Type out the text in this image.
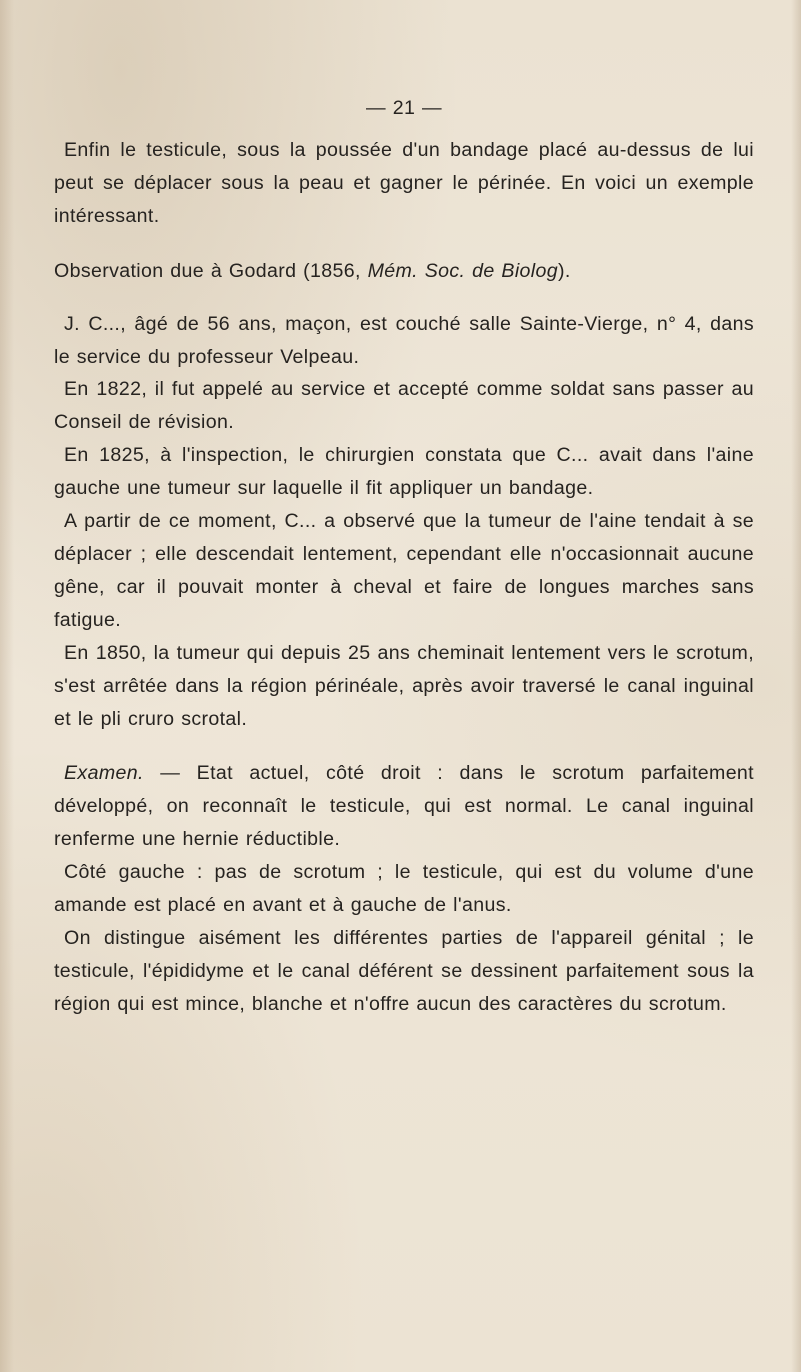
— 21 —

Enfin le testicule, sous la poussée d'un bandage placé au-dessus de lui peut se déplacer sous la peau et gagner le périnée. En voici un exemple intéressant.

Observation due à Godard (1856, Mém. Soc. de Biolog).

J. C..., âgé de 56 ans, maçon, est couché salle Sainte-Vierge, n° 4, dans le service du professeur Velpeau.

En 1822, il fut appelé au service et accepté comme soldat sans passer au Conseil de révision.

En 1825, à l'inspection, le chirurgien constata que C... avait dans l'aine gauche une tumeur sur laquelle il fit appliquer un bandage.

A partir de ce moment, C... a observé que la tumeur de l'aine tendait à se déplacer ; elle descendait lentement, cependant elle n'occasionnait aucune gêne, car il pouvait monter à cheval et faire de longues marches sans fatigue.

En 1850, la tumeur qui depuis 25 ans cheminait lentement vers le scrotum, s'est arrêtée dans la région périnéale, après avoir traversé le canal inguinal et le pli cruro scrotal.

Examen. — Etat actuel, côté droit : dans le scrotum parfaitement développé, on reconnaît le testicule, qui est normal. Le canal inguinal renferme une hernie réductible.

Côté gauche : pas de scrotum ; le testicule, qui est du volume d'une amande est placé en avant et à gauche de l'anus.

On distingue aisément les différentes parties de l'appareil génital ; le testicule, l'épididyme et le canal déférent se dessinent parfaitement sous la région qui est mince, blanche et n'offre aucun des caractères du scrotum.
